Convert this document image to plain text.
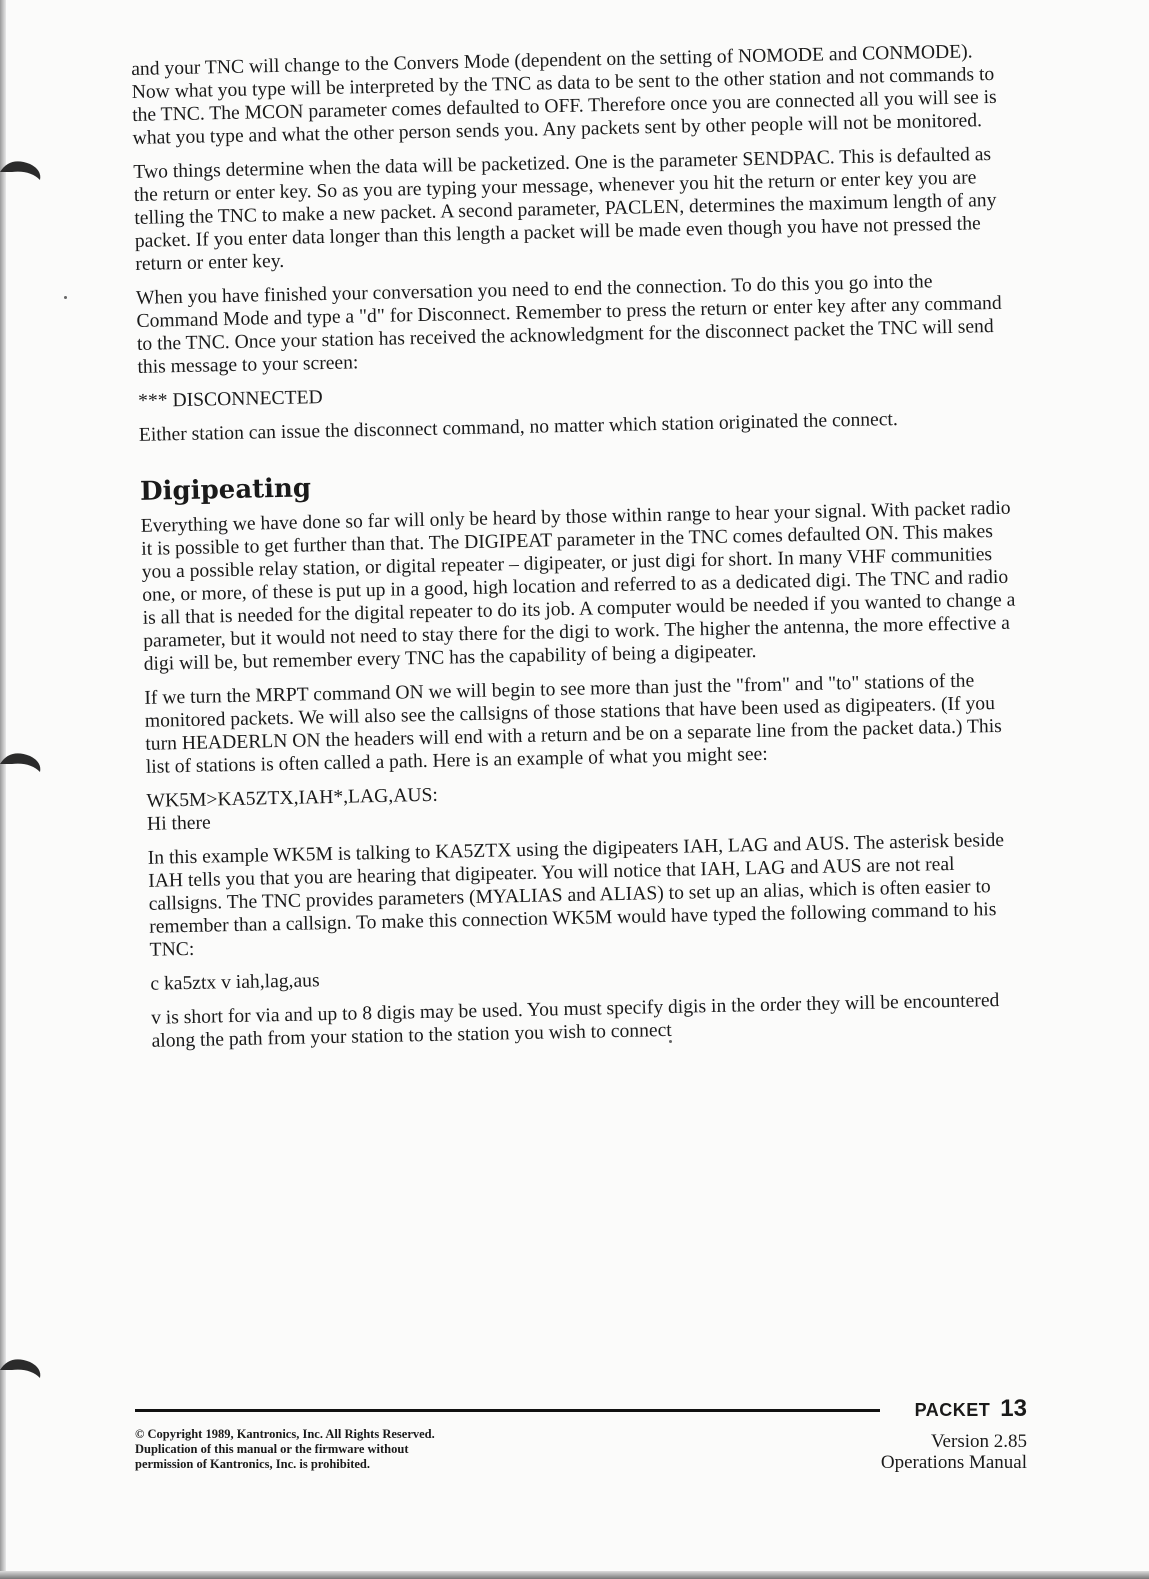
and your TNC will change to the Convers Mode (dependent on the setting of NOMODE and CONMODE). Now what you type will be interpreted by the TNC as data to be sent to the other station and not commands to the TNC. The MCON parameter comes defaulted to OFF. Therefore once you are connected all you will see is what you type and what the other person sends you. Any packets sent by other people will not be monitored.

Two things determine when the data will be packetized. One is the parameter SENDPAC. This is defaulted as the return or enter key. So as you are typing your message, whenever you hit the return or enter key you are telling the TNC to make a new packet. A second parameter, PACLEN, determines the maximum length of any packet. If you enter data longer than this length a packet will be made even though you have not pressed the return or enter key.

When you have finished your conversation you need to end the connection. To do this you go into the Command Mode and type a "d" for Disconnect. Remember to press the return or enter key after any command to the TNC. Once your station has received the acknowledgment for the disconnect packet the TNC will send this message to your screen:

*** DISCONNECTED

Either station can issue the disconnect command, no matter which station originated the connect.

Digipeating

Everything we have done so far will only be heard by those within range to hear your signal. With packet radio it is possible to get further than that. The DIGIPEAT parameter in the TNC comes defaulted ON. This makes you a possible relay station, or digital repeater – digipeater, or just digi for short. In many VHF communities one, or more, of these is put up in a good, high location and referred to as a dedicated digi. The TNC and radio is all that is needed for the digital repeater to do its job. A computer would be needed if you wanted to change a parameter, but it would not need to stay there for the digi to work. The higher the antenna, the more effective a digi will be, but remember every TNC has the capability of being a digipeater.

If we turn the MRPT command ON we will begin to see more than just the "from" and "to" stations of the monitored packets. We will also see the callsigns of those stations that have been used as digipeaters. (If you turn HEADERLN ON the headers will end with a return and be on a separate line from the packet data.) This list of stations is often called a path. Here is an example of what you might see:

WK5M>KA5ZTX,IAH*,LAG,AUS:

Hi there

In this example WK5M is talking to KA5ZTX using the digipeaters IAH, LAG and AUS. The asterisk beside IAH tells you that you are hearing that digipeater. You will notice that IAH, LAG and AUS are not real callsigns. The TNC provides parameters (MYALIAS and ALIAS) to set up an alias, which is often easier to remember than a callsign. To make this connection WK5M would have typed the following command to his TNC:

c ka5ztx v iah,lag,aus

v is short for via and up to 8 digis may be used. You must specify digis in the order they will be encountered along the path from your station to the station you wish to connect

PACKET 13
© Copyright 1989, Kantronics, Inc. All Rights Reserved.
Duplication of this manual or the firmware without
permission of Kantronics, Inc. is prohibited.
Version 2.85
Operations Manual
